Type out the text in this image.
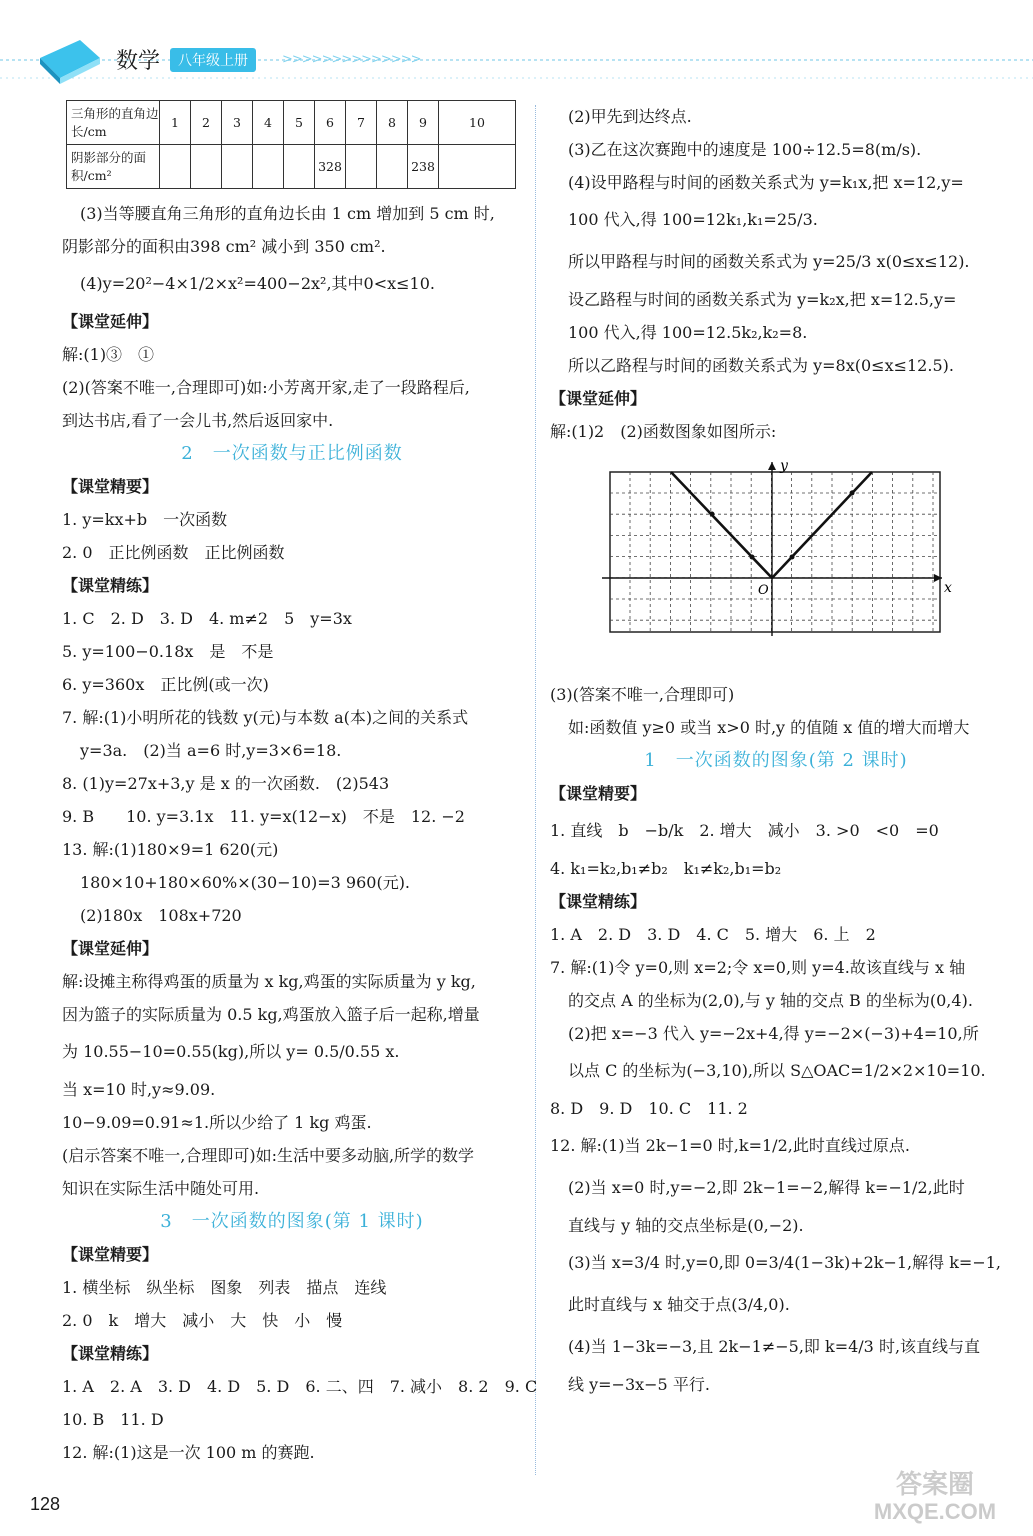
数学	八年级上册	>>>>>>>>>>>>>>
三角形的直角边长/cm	1	2	3	4	5	6	7	8	9	10
阴影部分的面积/cm²						328			238	
(3)当等腰直角三角形的直角边长由 1 cm 增加到 5 cm 时,
阴影部分的面积由398 cm² 减小到 350 cm².
(4)y=20²−4×1/2×x²=400−2x²,其中0<x≤10.
【课堂延伸】
解:(1)③　①
(2)(答案不唯一,合理即可)如:小芳离开家,走了一段路程后,
到达书店,看了一会儿书,然后返回家中.
2　一次函数与正比例函数
【课堂精要】
1. y=kx+b　一次函数
2. 0　正比例函数　正比例函数
【课堂精练】
1. C　2. D　3. D　4. m≠2　5　y=3x
5. y=100−0.18x　是　不是
6. y=360x　正比例(或一次)
7. 解:(1)小明所花的钱数 y(元)与本数 a(本)之间的关系式
y=3a.　(2)当 a=6 时,y=3×6=18.
8. (1)y=27x+3,y 是 x 的一次函数.　(2)543
9. B　　10. y=3.1x　11. y=x(12−x)　不是　12. −2
13. 解:(1)180×9=1 620(元)
180×10+180×60%×(30−10)=3 960(元).
(2)180x　108x+720
【课堂延伸】
解:设摊主称得鸡蛋的质量为 x kg,鸡蛋的实际质量为 y kg,
因为篮子的实际质量为 0.5 kg,鸡蛋放入篮子后一起称,增量
为 10.55−10=0.55(kg),所以 y= 0.5/0.55 x.
当 x=10 时,y≈9.09.
10−9.09=0.91≈1.所以少给了 1 kg 鸡蛋.
(启示答案不唯一,合理即可)如:生活中要多动脑,所学的数学
知识在实际生活中随处可用.
3　一次函数的图象(第 1 课时)
【课堂精要】
1. 横坐标　纵坐标　图象　列表　描点　连线
2. 0　k　增大　减小　大　快　小　慢
【课堂精练】
1. A　2. A　3. D　4. D　5. D　6. 二、四　7. 减小　8. 2　9. C
10. B　11. D
12. 解:(1)这是一次 100 m 的赛跑.
(2)甲先到达终点.
(3)乙在这次赛跑中的速度是 100÷12.5=8(m/s).
(4)设甲路程与时间的函数关系式为 y=k₁x,把 x=12,y=
100 代入,得 100=12k₁,k₁=25/3.
所以甲路程与时间的函数关系式为 y=25/3 x(0≤x≤12).
设乙路程与时间的函数关系式为 y=k₂x,把 x=12.5,y=
100 代入,得 100=12.5k₂,k₂=8.
所以乙路程与时间的函数关系式为 y=8x(0≤x≤12.5).
【课堂延伸】
解:(1)2　(2)函数图象如图所示:
x
y
O
(3)(答案不唯一,合理即可)
如:函数值 y≥0 或当 x>0 时,y 的值随 x 值的增大而增大
1　一次函数的图象(第 2 课时)
【课堂精要】
1. 直线　b　−b/k　2. 增大　减小　3. >0　<0　=0
4. k₁=k₂,b₁≠b₂　k₁≠k₂,b₁=b₂
【课堂精练】
1. A　2. D　3. D　4. C　5. 增大　6. 上　2
7. 解:(1)令 y=0,则 x=2;令 x=0,则 y=4.故该直线与 x 轴
的交点 A 的坐标为(2,0),与 y 轴的交点 B 的坐标为(0,4).
(2)把 x=−3 代入 y=−2x+4,得 y=−2×(−3)+4=10,所
以点 C 的坐标为(−3,10),所以 S△OAC=1/2×2×10=10.
8. D　9. D　10. C　11. 2
12. 解:(1)当 2k−1=0 时,k=1/2,此时直线过原点.
(2)当 x=0 时,y=−2,即 2k−1=−2,解得 k=−1/2,此时
直线与 y 轴的交点坐标是(0,−2).
(3)当 x=3/4 时,y=0,即 0=3/4(1−3k)+2k−1,解得 k=−1,
此时直线与 x 轴交于点(3/4,0).
(4)当 1−3k=−3,且 2k−1≠−5,即 k=4/3 时,该直线与直
线 y=−3x−5 平行.
128
答案圈
MXQE.COM
